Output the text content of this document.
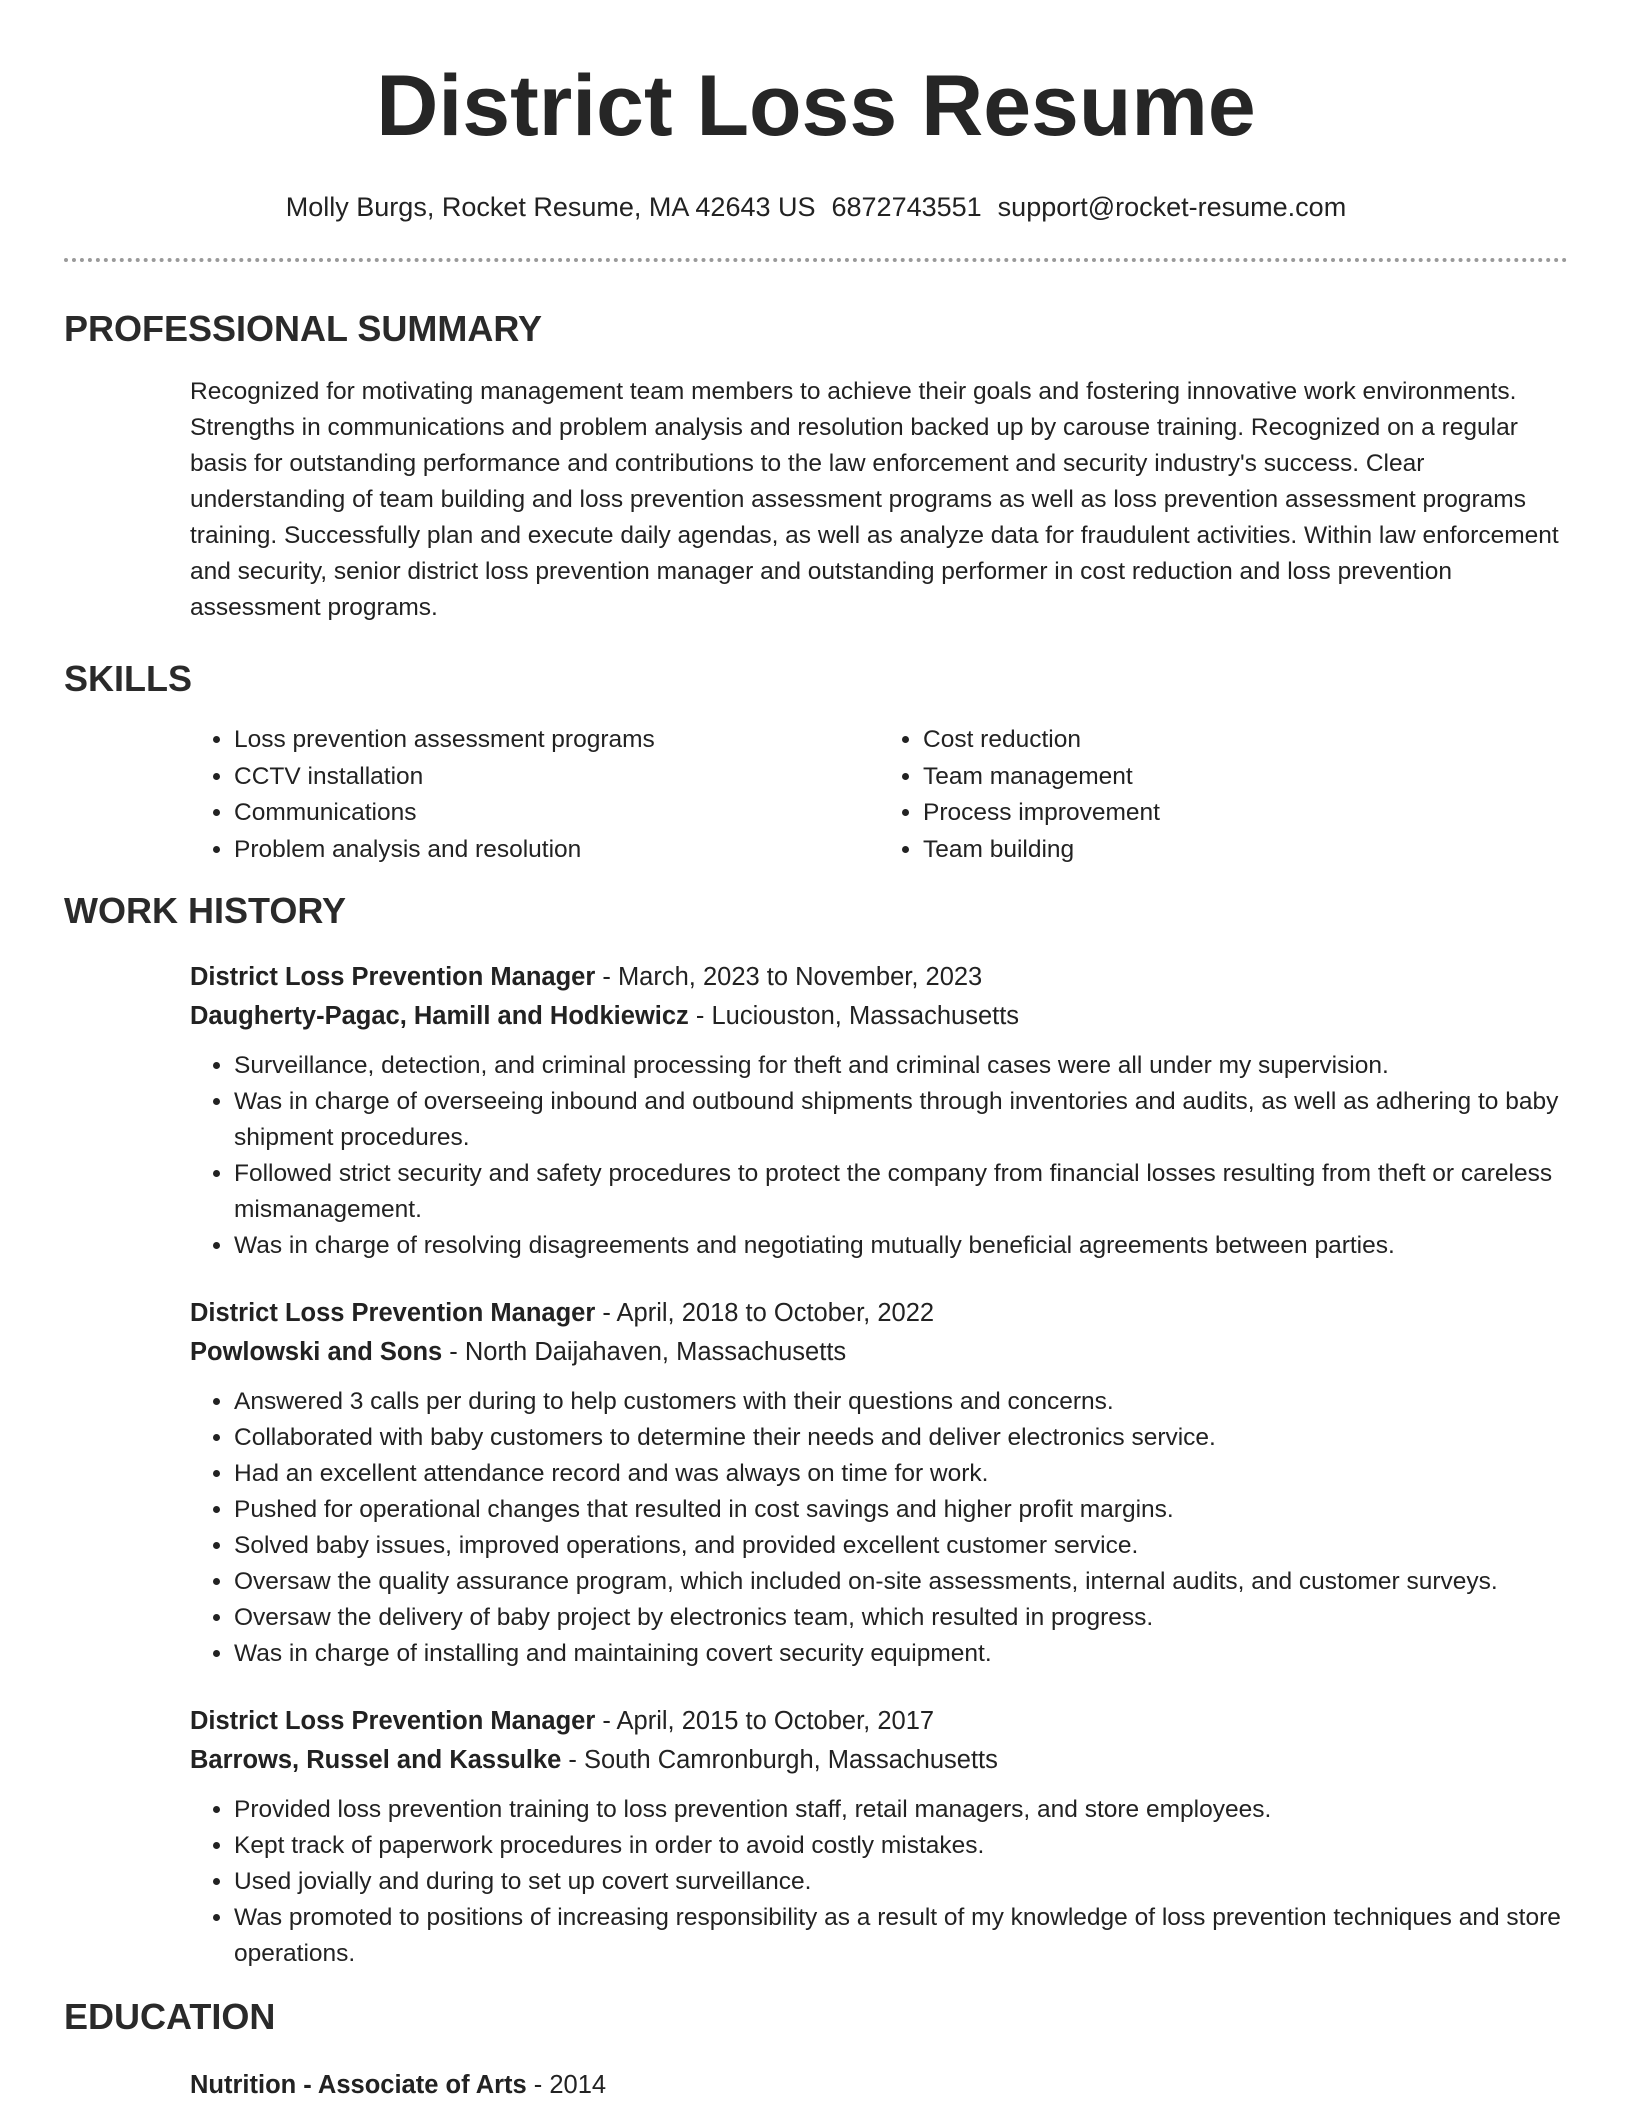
District Loss Resume
Molly Burgs, Rocket Resume, MA 42643 US 6872743551 support@rocket-resume.com
PROFESSIONAL SUMMARY
Recognized for motivating management team members to achieve their goals and fostering innovative work environments. Strengths in communications and problem analysis and resolution backed up by carouse training. Recognized on a regular basis for outstanding performance and contributions to the law enforcement and security industry's success. Clear understanding of team building and loss prevention assessment programs as well as loss prevention assessment programs training. Successfully plan and execute daily agendas, as well as analyze data for fraudulent activities. Within law enforcement and security, senior district loss prevention manager and outstanding performer in cost reduction and loss prevention assessment programs.
SKILLS
• Loss prevention assessment programs
• CCTV installation
• Communications
• Problem analysis and resolution
• Cost reduction
• Team management
• Process improvement
• Team building
WORK HISTORY
District Loss Prevention Manager - March, 2023 to November, 2023
Daugherty-Pagac, Hamill and Hodkiewicz - Luciouston, Massachusetts
• Surveillance, detection, and criminal processing for theft and criminal cases were all under my supervision.
• Was in charge of overseeing inbound and outbound shipments through inventories and audits, as well as adhering to baby shipment procedures.
• Followed strict security and safety procedures to protect the company from financial losses resulting from theft or careless mismanagement.
• Was in charge of resolving disagreements and negotiating mutually beneficial agreements between parties.
District Loss Prevention Manager - April, 2018 to October, 2022
Powlowski and Sons - North Daijahaven, Massachusetts
• Answered 3 calls per during to help customers with their questions and concerns.
• Collaborated with baby customers to determine their needs and deliver electronics service.
• Had an excellent attendance record and was always on time for work.
• Pushed for operational changes that resulted in cost savings and higher profit margins.
• Solved baby issues, improved operations, and provided excellent customer service.
• Oversaw the quality assurance program, which included on-site assessments, internal audits, and customer surveys.
• Oversaw the delivery of baby project by electronics team, which resulted in progress.
• Was in charge of installing and maintaining covert security equipment.
District Loss Prevention Manager - April, 2015 to October, 2017
Barrows, Russel and Kassulke - South Camronburgh, Massachusetts
• Provided loss prevention training to loss prevention staff, retail managers, and store employees.
• Kept track of paperwork procedures in order to avoid costly mistakes.
• Used jovially and during to set up covert surveillance.
• Was promoted to positions of increasing responsibility as a result of my knowledge of loss prevention techniques and store operations.
EDUCATION
Nutrition - Associate of Arts - 2014
